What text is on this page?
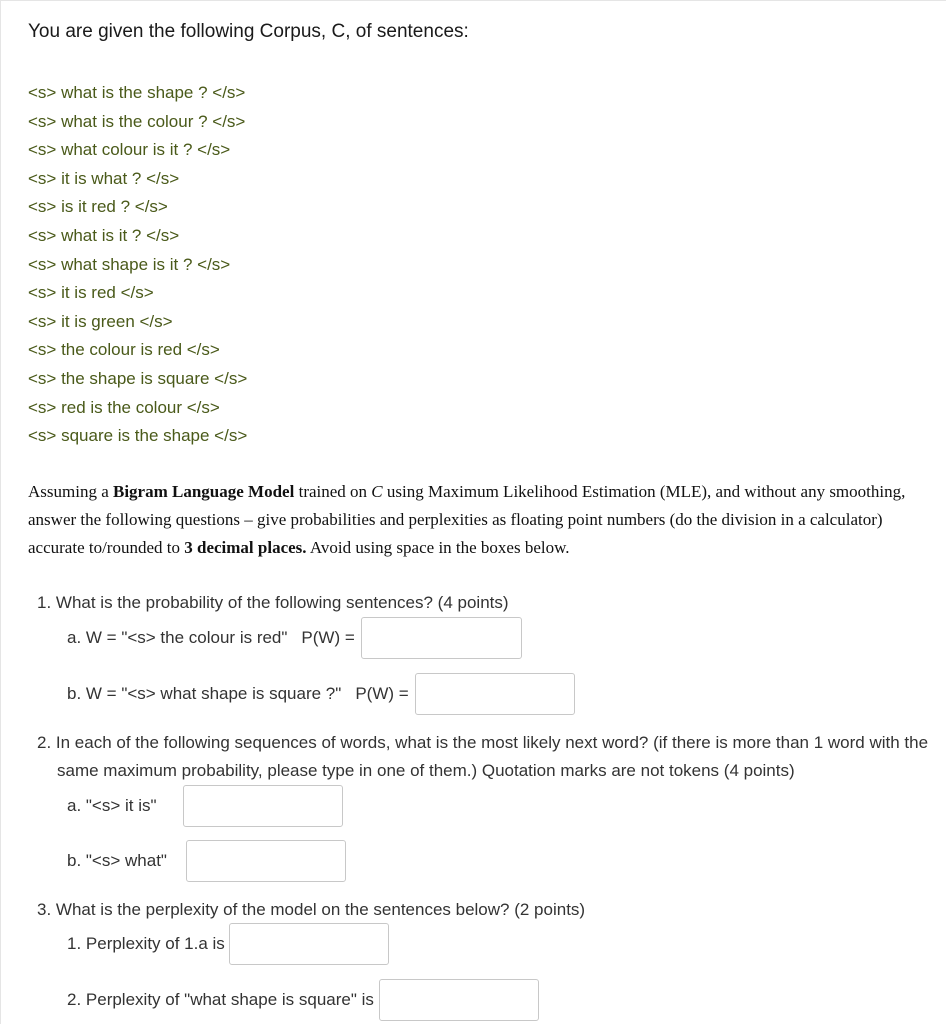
You are given the following Corpus, C, of sentences:

<s> what is the shape ? </s>
<s> what is the colour ? </s>
<s> what colour is it ? </s>
<s> it is what ? </s>
<s> is it red ? </s>
<s> what is it ? </s>
<s> what shape is it ? </s>
<s> it is red </s>
<s> it is green </s>
<s> the colour is red </s>
<s> the shape is square </s>
<s> red is the colour </s>
<s> square is the shape </s>

Assuming a Bigram Language Model trained on C using Maximum Likelihood Estimation (MLE), and without any smoothing, answer the following questions – give probabilities and perplexities as floating point numbers (do the division in a calculator) accurate to/rounded to 3 decimal places. Avoid using space in the boxes below.

1. What is the probability of the following sentences? (4 points)

a. W = "<s> the colour is red" P(W) =
b. W = "<s> what shape is square ?" P(W) =

2. In each of the following sequences of words, what is the most likely next word? (if there is more than 1 word with the same maximum probability, please type in one of them.) Quotation marks are not tokens (4 points)

a. "<s> it is"
b. "<s> what"

3. What is the perplexity of the model on the sentences below? (2 points)

1. Perplexity of 1.a is
2. Perplexity of "what shape is square" is
